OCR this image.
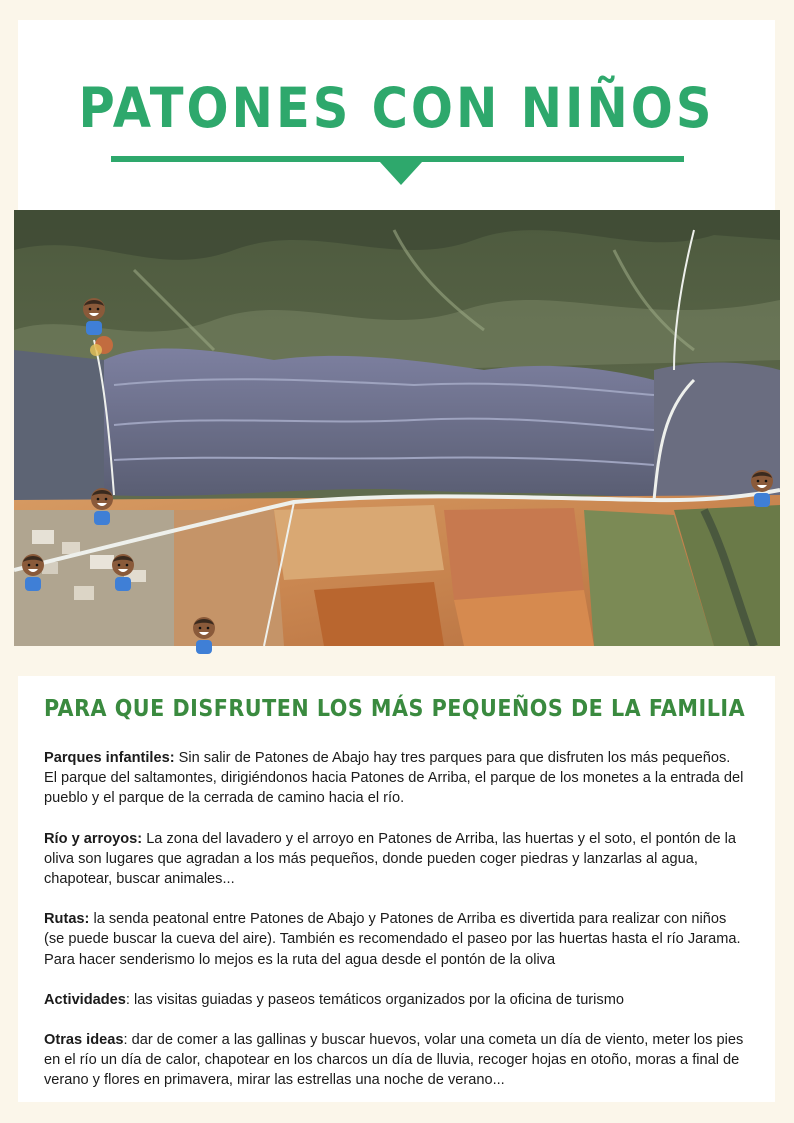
PATONES CON NIÑOS
PARA QUE DISFRUTEN LOS MÁS PEQUEÑOS DE LA FAMILIA

Parques infantiles: Sin salir de Patones de Abajo hay tres parques para que disfruten los más pequeños. El parque del saltamontes, dirigiéndonos hacia Patones de Arriba, el parque de los monetes a la entrada del pueblo y el parque de la cerrada de camino hacia el río.

Río y arroyos: La zona del lavadero y el arroyo en Patones de Arriba, las huertas y el soto, el pontón de la oliva son lugares que agradan a los más pequeños, donde pueden coger piedras y lanzarlas al agua, chapotear, buscar animales...

Rutas: la senda peatonal entre Patones de Abajo y Patones de Arriba es divertida para realizar con niños (se puede buscar la cueva del aire). También es recomendado el paseo por las huertas hasta el río Jarama. Para hacer senderismo lo mejos es la ruta del agua desde el pontón de la oliva

Actividades: las visitas guiadas y paseos temáticos organizados por la oficina de turismo

Otras ideas: dar de comer a las gallinas y buscar huevos, volar una cometa un día de viento, meter los pies en el río un día de calor, chapotear en los charcos un día de lluvia, recoger hojas en otoño, moras a final de verano y flores en primavera, mirar las estrellas una noche de verano...
